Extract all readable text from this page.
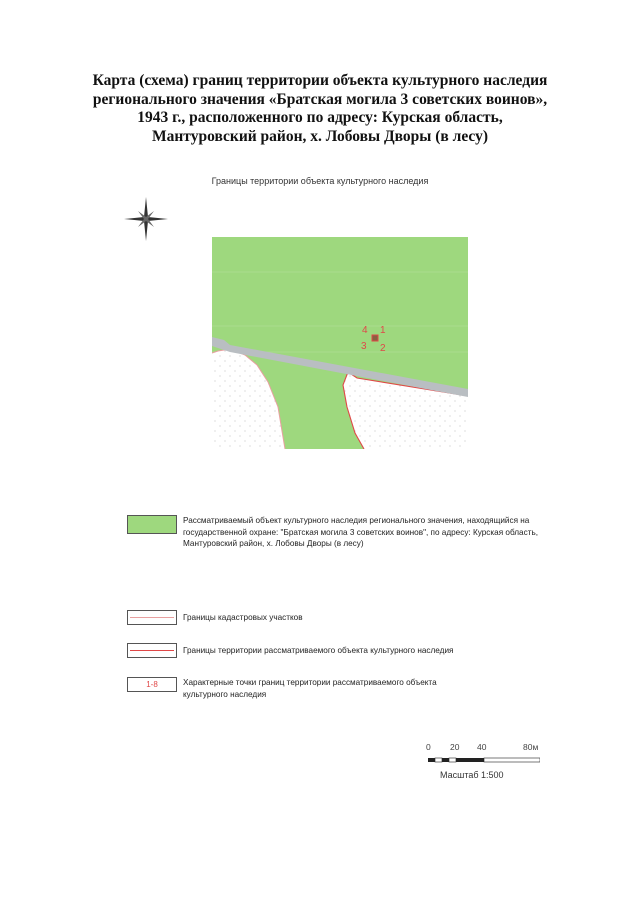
Карта (схема) границ территории объекта культурного наследия
регионального значения «Братская могила 3 советских воинов»,
1943 г., расположенного по адресу: Курская область,
Мантуровский район, х. Лобовы Дворы (в лесу)
Границы территории объекта культурного наследия
4 1
3 2
Рассматриваемый объект культурного наследия регионального значения, находящийся на государственной охране: "Братская могила 3 советских воинов", по адресу: Курская область, Мантуровский район, х. Лобовы Дворы (в лесу)
Границы кадастровых участков
Границы территории рассматриваемого объекта культурного наследия
1-8	Характерные точки границ территории рассматриваемого объекта культурного наследия
0 20 40	80м
Масштаб 1:500
